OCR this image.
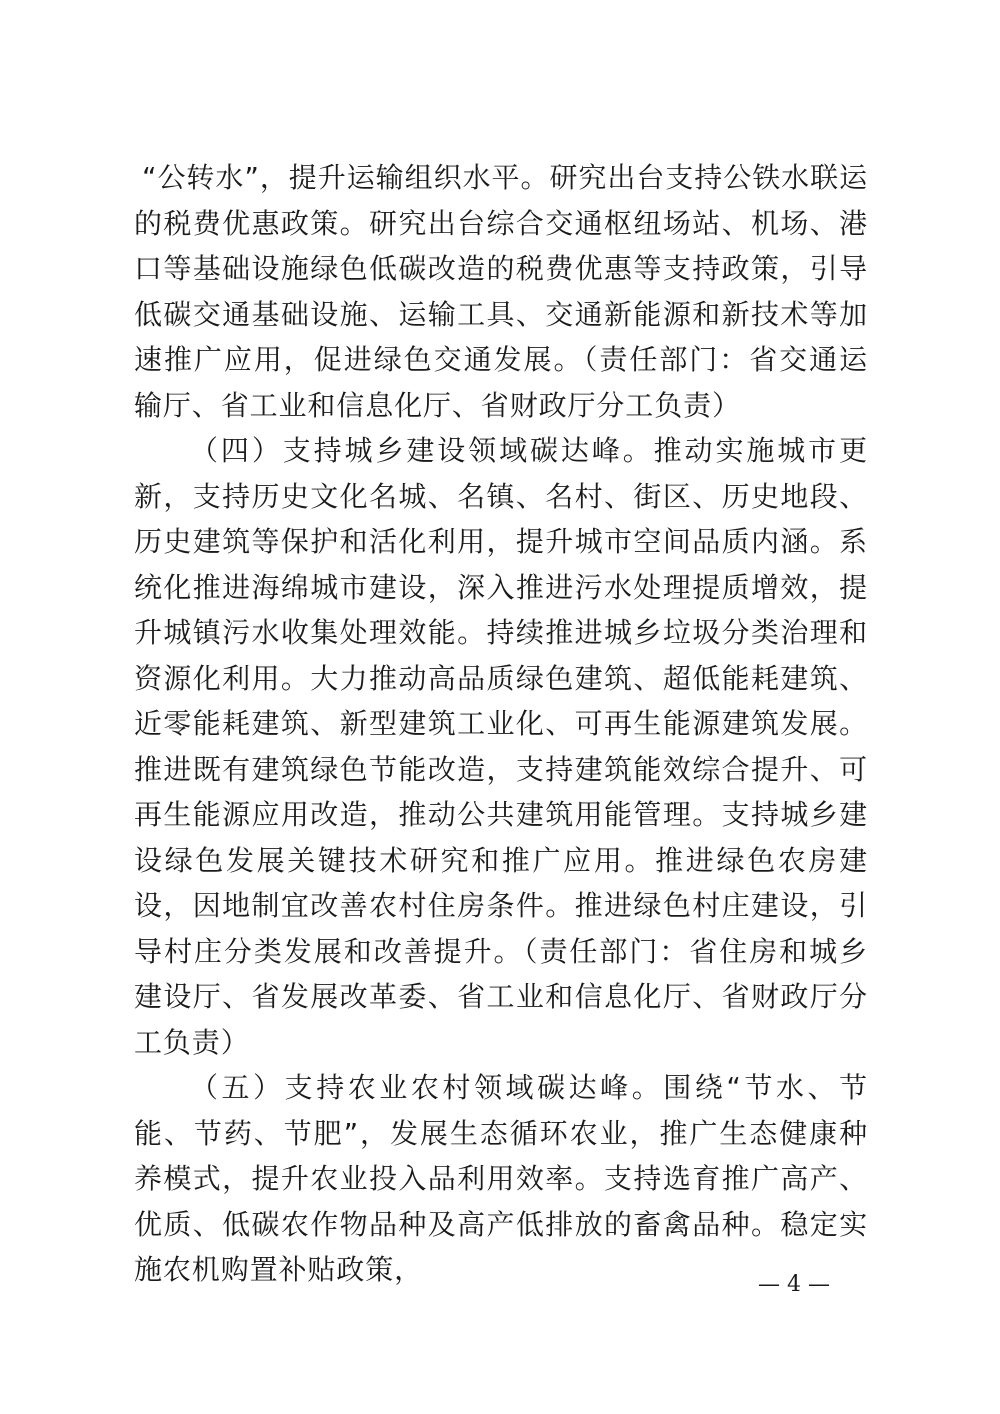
“公转水”，提升运输组织水平。研究出台支持公铁水联运的税费优惠政策。研究出台综合交通枢纽场站、机场、港口等基础设施绿色低碳改造的税费优惠等支持政策，引导低碳交通基础设施、运输工具、交通新能源和新技术等加速推广应用，促进绿色交通发展。（责任部门：省交通运输厅、省工业和信息化厅、省财政厅分工负责）

（四）支持城乡建设领域碳达峰。推动实施城市更新，支持历史文化名城、名镇、名村、街区、历史地段、历史建筑等保护和活化利用，提升城市空间品质内涵。系统化推进海绵城市建设，深入推进污水处理提质增效，提升城镇污水收集处理效能。持续推进城乡垃圾分类治理和资源化利用。大力推动高品质绿色建筑、超低能耗建筑、近零能耗建筑、新型建筑工业化、可再生能源建筑发展。推进既有建筑绿色节能改造，支持建筑能效综合提升、可再生能源应用改造，推动公共建筑用能管理。支持城乡建设绿色发展关键技术研究和推广应用。推进绿色农房建设，因地制宜改善农村住房条件。推进绿色村庄建设，引导村庄分类发展和改善提升。（责任部门：省住房和城乡建设厅、省发展改革委、省工业和信息化厅、省财政厅分工负责）

（五）支持农业农村领域碳达峰。围绕“节水、节能、节药、节肥”，发展生态循环农业，推广生态健康种养模式，提升农业投入品利用效率。支持选育推广高产、优质、低碳农作物品种及高产低排放的畜禽品种。稳定实施农机购置补贴政策，	— 4 —
